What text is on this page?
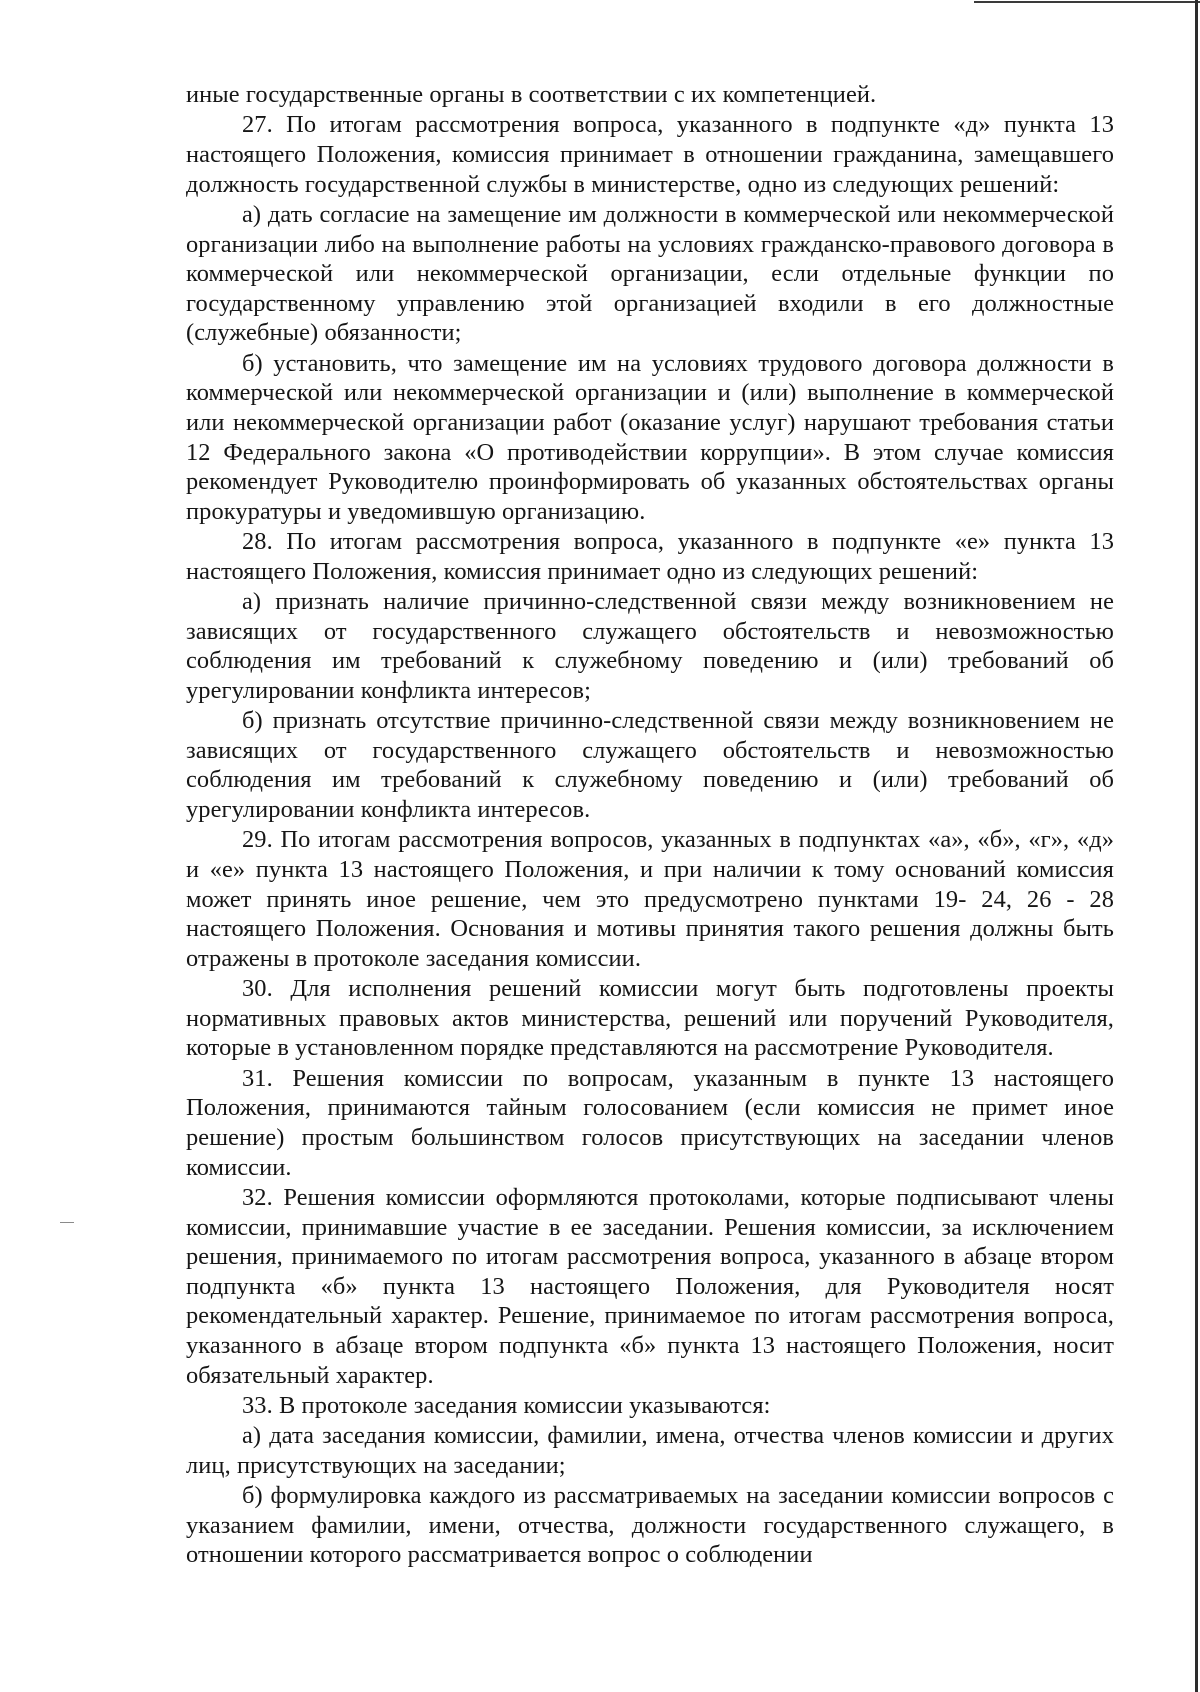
иные государственные органы в соответствии с их компетенцией.

27. По итогам рассмотрения вопроса, указанного в подпункте «д» пункта 13 настоящего Положения, комиссия принимает в отношении гражданина, замещавшего должность государственной службы в министерстве, одно из следующих решений:

а) дать согласие на замещение им должности в коммерческой или некоммерческой организации либо на выполнение работы на условиях гражданско-правового договора в коммерческой или некоммерческой организации, если отдельные функции по государственному управлению этой организацией входили в его должностные (служебные) обязанности;

б) установить, что замещение им на условиях трудового договора должности в коммерческой или некоммерческой организации и (или) выполнение в коммерческой или некоммерческой организации работ (оказание услуг) нарушают требования статьи 12 Федерального закона «О противодействии коррупции». В этом случае комиссия рекомендует Руководителю проинформировать об указанных обстоятельствах органы прокуратуры и уведомившую организацию.

28. По итогам рассмотрения вопроса, указанного в подпункте «е» пункта 13 настоящего Положения, комиссия принимает одно из следующих решений:

а) признать наличие причинно-следственной связи между возникновением не зависящих от государственного служащего обстоятельств и невозможностью соблюдения им требований к служебному поведению и (или) требований об урегулировании конфликта интересов;

б) признать отсутствие причинно-следственной связи между возникновением не зависящих от государственного служащего обстоятельств и невозможностью соблюдения им требований к служебному поведению и (или) требований об урегулировании конфликта интересов.

29. По итогам рассмотрения вопросов, указанных в подпунктах «а», «б», «г», «д» и «е» пункта 13 настоящего Положения, и при наличии к тому оснований комиссия может принять иное решение, чем это предусмотрено пунктами 19- 24, 26 - 28 настоящего Положения. Основания и мотивы принятия такого решения должны быть отражены в протоколе заседания комиссии.

30. Для исполнения решений комиссии могут быть подготовлены проекты нормативных правовых актов министерства, решений или поручений Руководителя, которые в установленном порядке представляются на рассмотрение Руководителя.

31. Решения комиссии по вопросам, указанным в пункте 13 настоящего Положения, принимаются тайным голосованием (если комиссия не примет иное решение) простым большинством голосов присутствующих на заседании членов комиссии.

32. Решения комиссии оформляются протоколами, которые подписывают члены комиссии, принимавшие участие в ее заседании. Решения комиссии, за исключением решения, принимаемого по итогам рассмотрения вопроса, указанного в абзаце втором подпункта «б» пункта 13 настоящего Положения, для Руководителя носят рекомендательный характер. Решение, принимаемое по итогам рассмотрения вопроса, указанного в абзаце втором подпункта «б» пункта 13 настоящего Положения, носит обязательный характер.

33. В протоколе заседания комиссии указываются:

а) дата заседания комиссии, фамилии, имена, отчества членов комиссии и других лиц, присутствующих на заседании;

б) формулировка каждого из рассматриваемых на заседании комиссии вопросов с указанием фамилии, имени, отчества, должности государственного служащего, в отношении которого рассматривается вопрос о соблюдении
